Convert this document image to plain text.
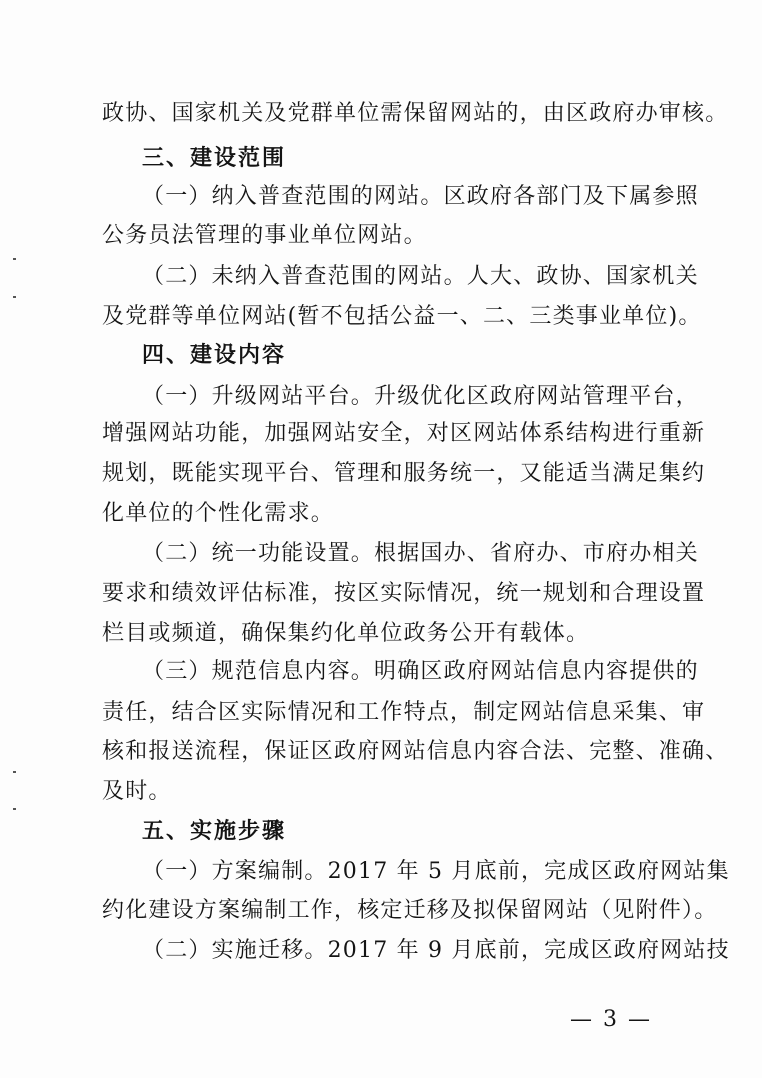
政协、国家机关及党群单位需保留网站的，由区政府办审核。
三、建设范围
（一）纳入普查范围的网站。区政府各部门及下属参照
公务员法管理的事业单位网站。
（二）未纳入普查范围的网站。人大、政协、国家机关
及党群等单位网站(暂不包括公益一、二、三类事业单位)。
四、建设内容
（一）升级网站平台。升级优化区政府网站管理平台，
增强网站功能，加强网站安全，对区网站体系结构进行重新
规划，既能实现平台、管理和服务统一，又能适当满足集约
化单位的个性化需求。
（二）统一功能设置。根据国办、省府办、市府办相关
要求和绩效评估标准，按区实际情况，统一规划和合理设置
栏目或频道，确保集约化单位政务公开有载体。
（三）规范信息内容。明确区政府网站信息内容提供的
责任，结合区实际情况和工作特点，制定网站信息采集、审
核和报送流程，保证区政府网站信息内容合法、完整、准确、
及时。
五、实施步骤
（一）方案编制。2017 年 5 月底前，完成区政府网站集
约化建设方案编制工作，核定迁移及拟保留网站（见附件）。
（二）实施迁移。2017 年 9 月底前，完成区政府网站技
— 3 —
